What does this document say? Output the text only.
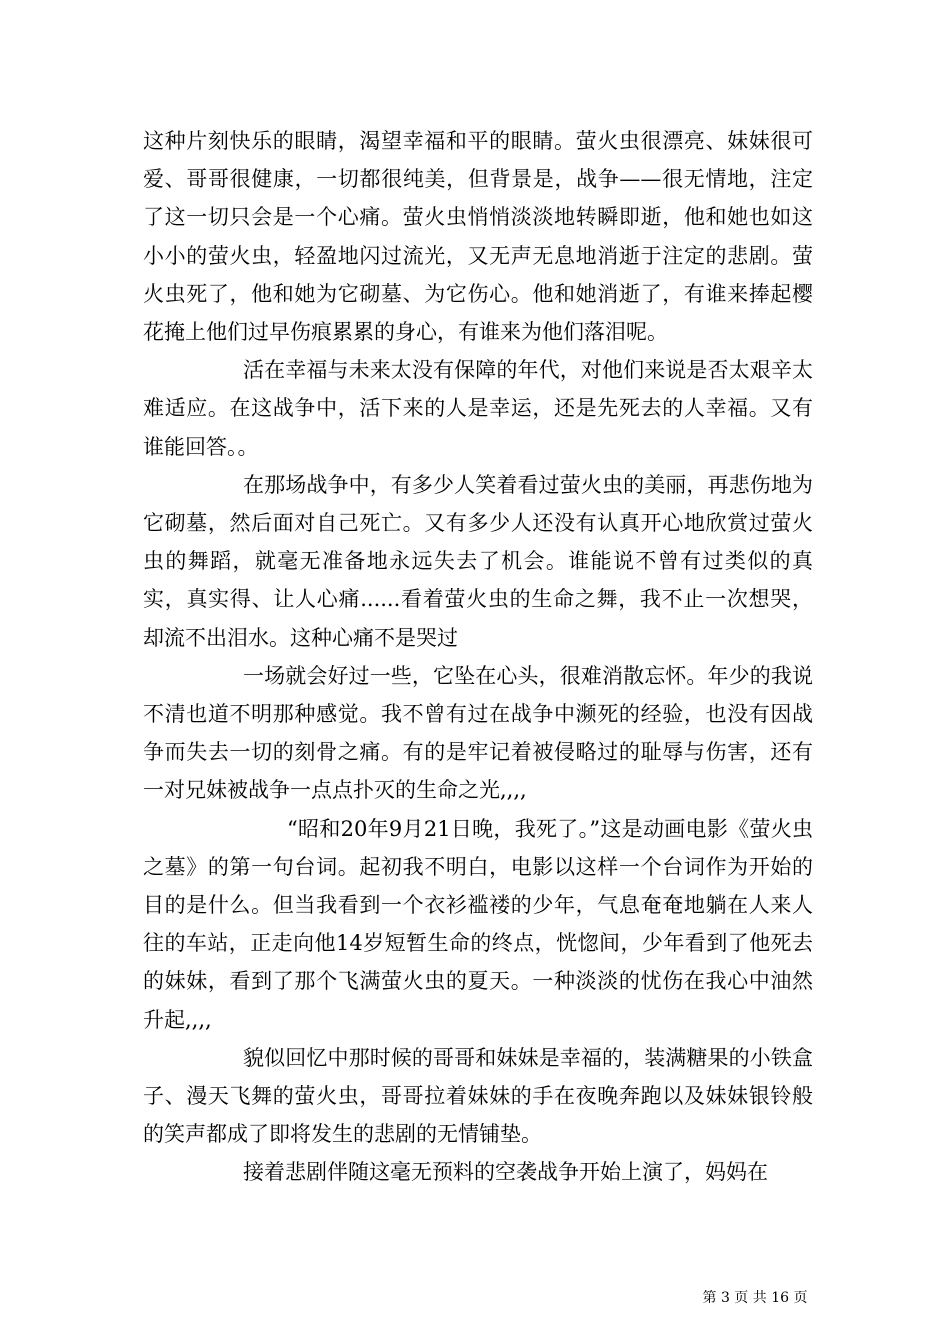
这种片刻快乐的眼睛，渴望幸福和平的眼睛。萤火虫很漂亮、妹妹很可爱、哥哥很健康，一切都很纯美，但背景是，战争——很无情地，注定了这一切只会是一个心痛。萤火虫悄悄淡淡地转瞬即逝，他和她也如这小小的萤火虫，轻盈地闪过流光，又无声无息地消逝于注定的悲剧。萤火虫死了，他和她为它砌墓、为它伤心。他和她消逝了，有谁来捧起樱花掩上他们过早伤痕累累的身心，有谁来为他们落泪呢。

活在幸福与未来太没有保障的年代，对他们来说是否太艰辛太难适应。在这战争中，活下来的人是幸运，还是先死去的人幸福。又有谁能回答。。

在那场战争中，有多少人笑着看过萤火虫的美丽，再悲伤地为它砌墓，然后面对自己死亡。又有多少人还没有认真开心地欣赏过萤火虫的舞蹈，就毫无准备地永远失去了机会。谁能说不曾有过类似的真实，真实得、让人心痛......看着萤火虫的生命之舞，我不止一次想哭，却流不出泪水。这种心痛不是哭过

一场就会好过一些，它坠在心头，很难消散忘怀。年少的我说不清也道不明那种感觉。我不曾有过在战争中濒死的经验，也没有因战争而失去一切的刻骨之痛。有的是牢记着被侵略过的耻辱与伤害，还有一对兄妹被战争一点点扑灭的生命之光,,,,

“昭和20年9月21日晚，我死了。”这是动画电影《萤火虫之墓》的第一句台词。起初我不明白，电影以这样一个台词作为开始的目的是什么。但当我看到一个衣衫褴褛的少年，气息奄奄地躺在人来人往的车站，正走向他14岁短暂生命的终点，恍惚间，少年看到了他死去的妹妹，看到了那个飞满萤火虫的夏天。一种淡淡的忧伤在我心中油然升起,,,,

貌似回忆中那时候的哥哥和妹妹是幸福的，装满糖果的小铁盒子、漫天飞舞的萤火虫，哥哥拉着妹妹的手在夜晚奔跑以及妹妹银铃般的笑声都成了即将发生的悲剧的无情铺垫。

接着悲剧伴随这毫无预料的空袭战争开始上演了，妈妈在

第 3 页 共 16 页
